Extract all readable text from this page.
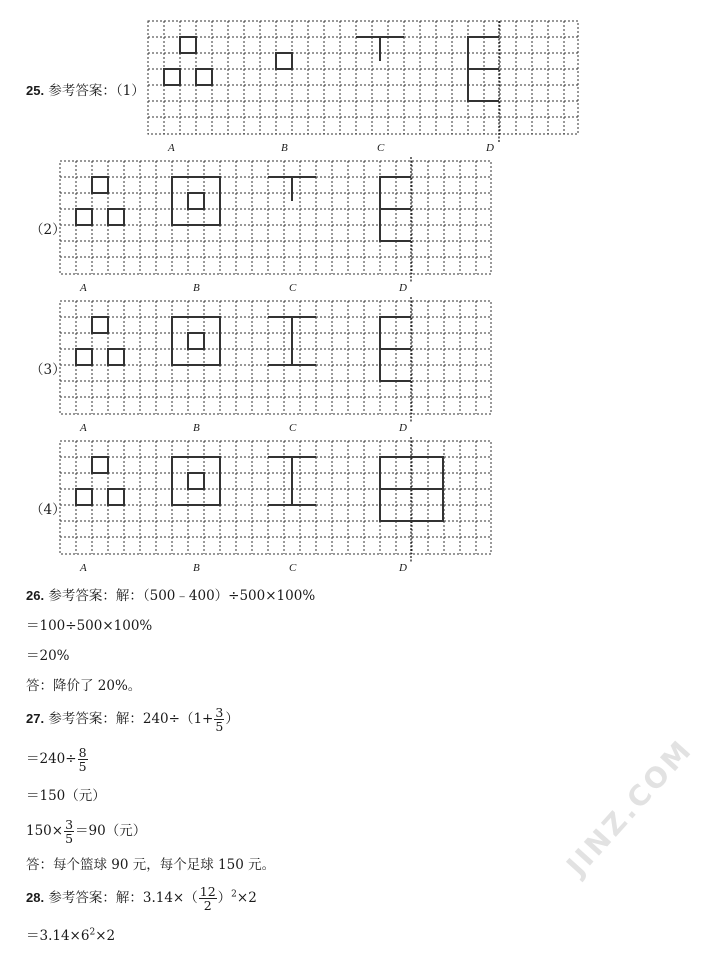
25. 参考答案：（1）
A	B	C	D
（2）
A	B	C	D
（3）
A	B	C	D
（4）
A	B	C	D
26. 参考答案：解：（500﹣400）÷500×100%
＝100÷500×100%
＝20%
答：降价了 20%。
27. 参考答案：解：$240\div(1+ \frac{3}{5}$ ）
$=240\div \frac{8}{5}$
＝150（元）
$150\times \frac{3}{5} =90$（元）
答：每个篮球 90 元，每个足球 150 元。
28. 参考答案：解：$3.14\times( \frac{12}{2} )^2\times 2$
$=3.14\times 6^2\times 2$
JINZ.COM
